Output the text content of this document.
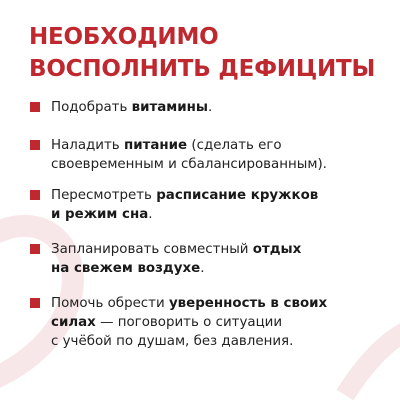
НЕОБХОДИМО
ВОСПОЛНИТЬ ДЕФИЦИТЫ
Подобрать витамины.
Наладить питание (сделать его
своевременным и сбалансированным).
Пересмотреть расписание кружков
и режим сна.
Запланировать совместный отдых
на свежем воздухе.
Помочь обрести уверенность в своих
силах — поговорить о ситуации
с учёбой по душам, без давления.
